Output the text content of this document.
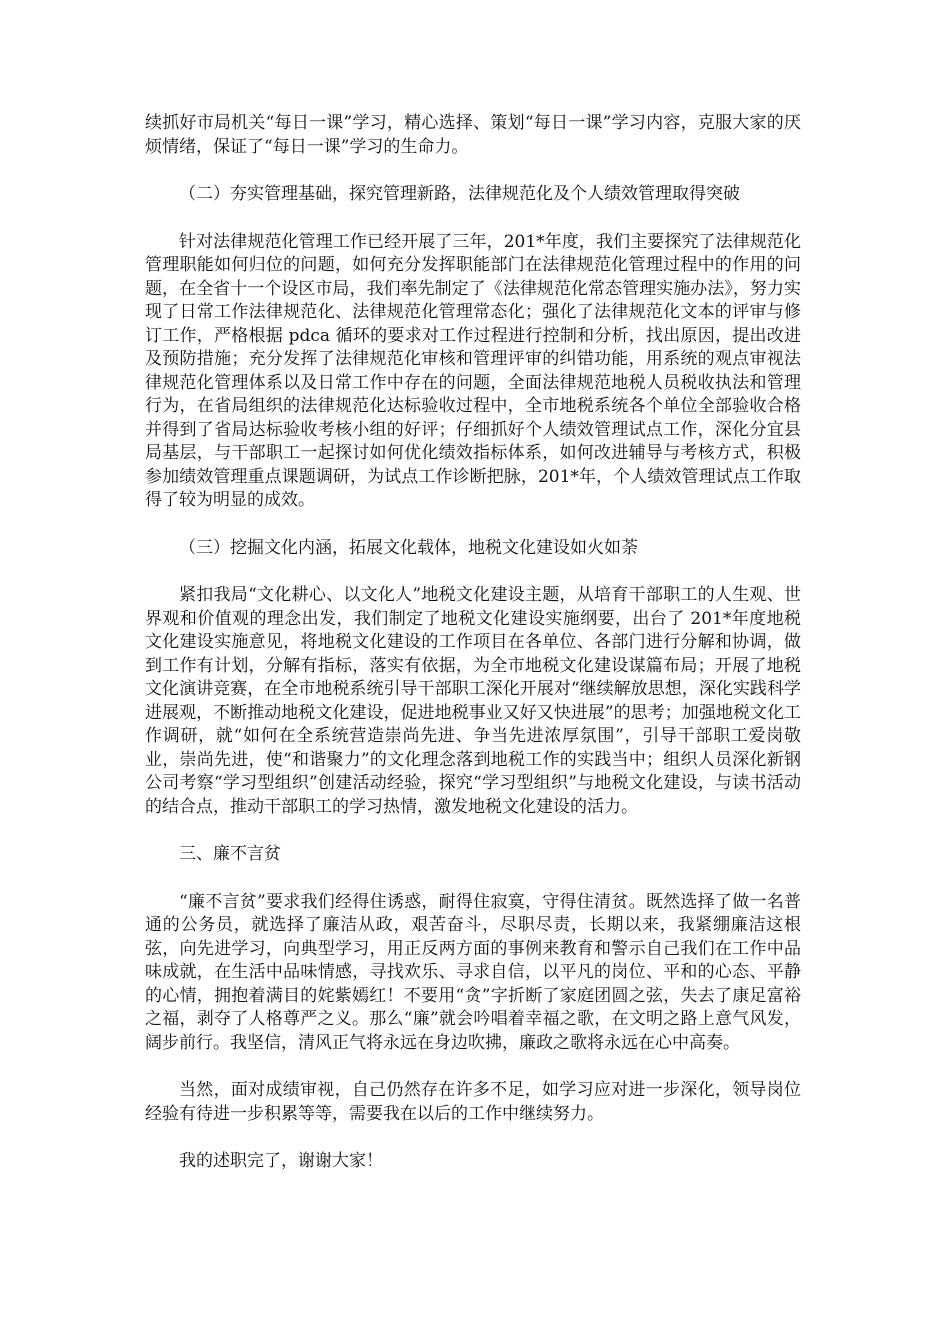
续抓好市局机关“每日一课”学习，精心选择、策划“每日一课”学习内容，克服大家的厌烦情绪，保证了“每日一课”学习的生命力。

（二）夯实管理基础，探究管理新路，法律规范化及个人绩效管理取得突破

针对法律规范化管理工作已经开展了三年，201*年度，我们主要探究了法律规范化管理职能如何归位的问题，如何充分发挥职能部门在法律规范化管理过程中的作用的问题，在全省十一个设区市局，我们率先制定了《法律规范化常态管理实施办法》，努力实现了日常工作法律规范化、法律规范化管理常态化；强化了法律规范化文本的评审与修订工作，严格根据 pdca 循环的要求对工作过程进行控制和分析，找出原因，提出改进及预防措施；充分发挥了法律规范化审核和管理评审的纠错功能，用系统的观点审视法律规范化管理体系以及日常工作中存在的问题，全面法律规范地税人员税收执法和管理行为，在省局组织的法律规范化达标验收过程中，全市地税系统各个单位全部验收合格并得到了省局达标验收考核小组的好评；仔细抓好个人绩效管理试点工作，深化分宜县局基层，与干部职工一起探讨如何优化绩效指标体系，如何改进辅导与考核方式，积极参加绩效管理重点课题调研，为试点工作诊断把脉，201*年，个人绩效管理试点工作取得了较为明显的成效。

（三）挖掘文化内涵，拓展文化载体，地税文化建设如火如荼

紧扣我局“文化耕心、以文化人”地税文化建设主题，从培育干部职工的人生观、世界观和价值观的理念出发，我们制定了地税文化建设实施纲要，出台了 201*年度地税文化建设实施意见，将地税文化建设的工作项目在各单位、各部门进行分解和协调，做到工作有计划，分解有指标，落实有依据，为全市地税文化建设谋篇布局；开展了地税文化演讲竞赛，在全市地税系统引导干部职工深化开展对“继续解放思想，深化实践科学进展观，不断推动地税文化建设，促进地税事业又好又快进展”的思考；加强地税文化工作调研，就“如何在全系统营造崇尚先进、争当先进浓厚氛围”，引导干部职工爱岗敬业，崇尚先进，使“和谐聚力”的文化理念落到地税工作的实践当中；组织人员深化新钢公司考察“学习型组织”创建活动经验，探究“学习型组织”与地税文化建设，与读书活动的结合点，推动干部职工的学习热情，激发地税文化建设的活力。

三、廉不言贫

“廉不言贫”要求我们经得住诱惑，耐得住寂寞，守得住清贫。既然选择了做一名普通的公务员，就选择了廉洁从政，艰苦奋斗，尽职尽责，长期以来，我紧绷廉洁这根弦，向先进学习，向典型学习，用正反两方面的事例来教育和警示自己我们在工作中品味成就，在生活中品味情感，寻找欢乐、寻求自信，以平凡的岗位、平和的心态、平静的心情，拥抱着满目的姹紫嫣红！不要用“贪”字折断了家庭团圆之弦，失去了康足富裕之福，剥夺了人格尊严之义。那么“廉”就会吟唱着幸福之歌，在文明之路上意气风发，阔步前行。我坚信，清风正气将永远在身边吹拂，廉政之歌将永远在心中高奏。

当然，面对成绩审视，自己仍然存在许多不足，如学习应对进一步深化，领导岗位经验有待进一步积累等等，需要我在以后的工作中继续努力。

我的述职完了，谢谢大家！
